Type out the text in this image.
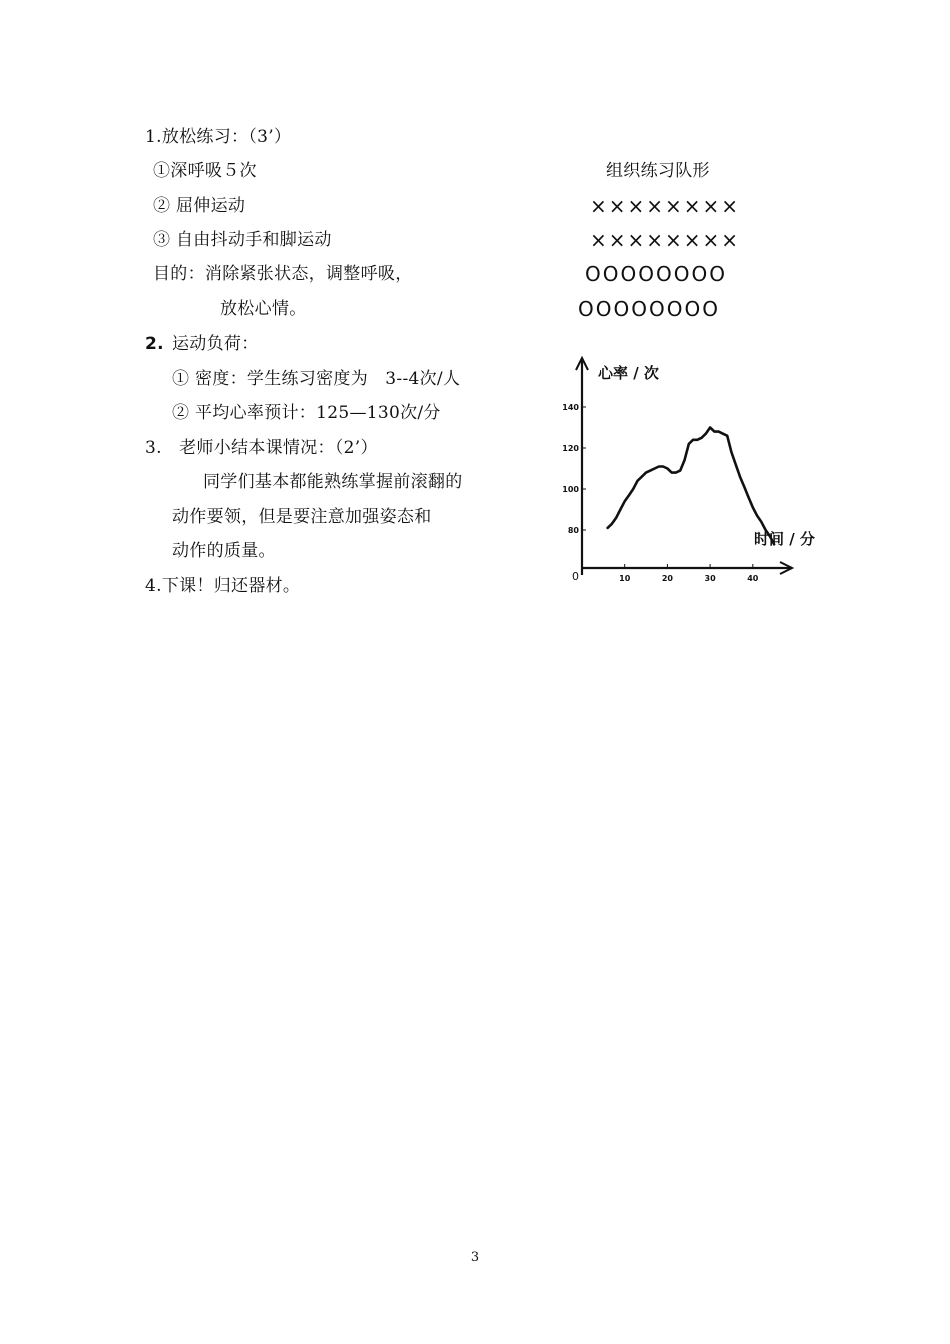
1.放松练习：（3’）
①深呼吸５次
② 屈伸运动
③ 自由抖动手和脚运动
目的：消除紧张状态，调整呼吸，
放松心情。
2. 运动负荷：
① 密度：学生练习密度为　3--4次/人
② 平均心率预计：125—130次/分
3.　老师小结本课情况：（2’）
同学们基本都能熟练掌握前滚翻的
动作要领，但是要注意加强姿态和
动作的质量。
4.下课！归还器材。
组织练习队形
××××××××
××××××××
OOOOOOOO
OOOOOOOO
心率 / 次
时间 / 分
0	10	20	30	40
80
100
120
140
3
